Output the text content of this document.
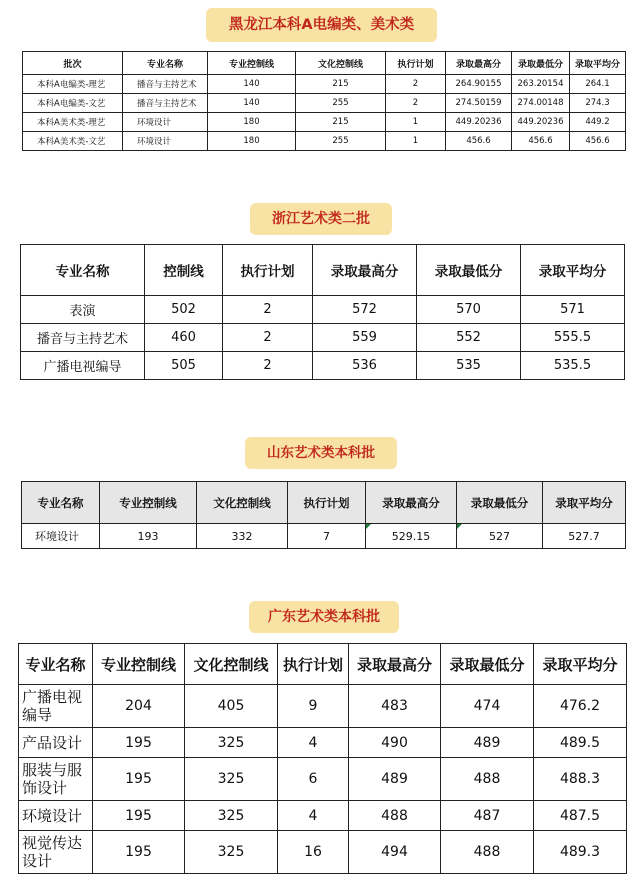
黑龙江本科A电编类、美术类
批次	专业名称	专业控制线	文化控制线	执行计划	录取最高分	录取最低分	录取平均分
本科A电编类-理艺	播音与主持艺术	140	215	2	264.90155	263.20154	264.1
本科A电编类-文艺	播音与主持艺术	140	255	2	274.50159	274.00148	274.3
本科A美术类-理艺	环境设计	180	215	1	449.20236	449.20236	449.2
本科A美术类-文艺	环境设计	180	255	1	456.6	456.6	456.6
浙江艺术类二批
专业名称	控制线	执行计划	录取最高分	录取最低分	录取平均分
表演	502	2	572	570	571
播音与主持艺术	460	2	559	552	555.5
广播电视编导	505	2	536	535	535.5
山东艺术类本科批
专业名称	专业控制线	文化控制线	执行计划	录取最高分	录取最低分	录取平均分
环境设计	193	332	7	529.15	527	527.7
广东艺术类本科批
专业名称	专业控制线	文化控制线	执行计划	录取最高分	录取最低分	录取平均分
广播电视编导	204	405	9	483	474	476.2
产品设计	195	325	4	490	489	489.5
服装与服饰设计	195	325	6	489	488	488.3
环境设计	195	325	4	488	487	487.5
视觉传达设计	195	325	16	494	488	489.3
